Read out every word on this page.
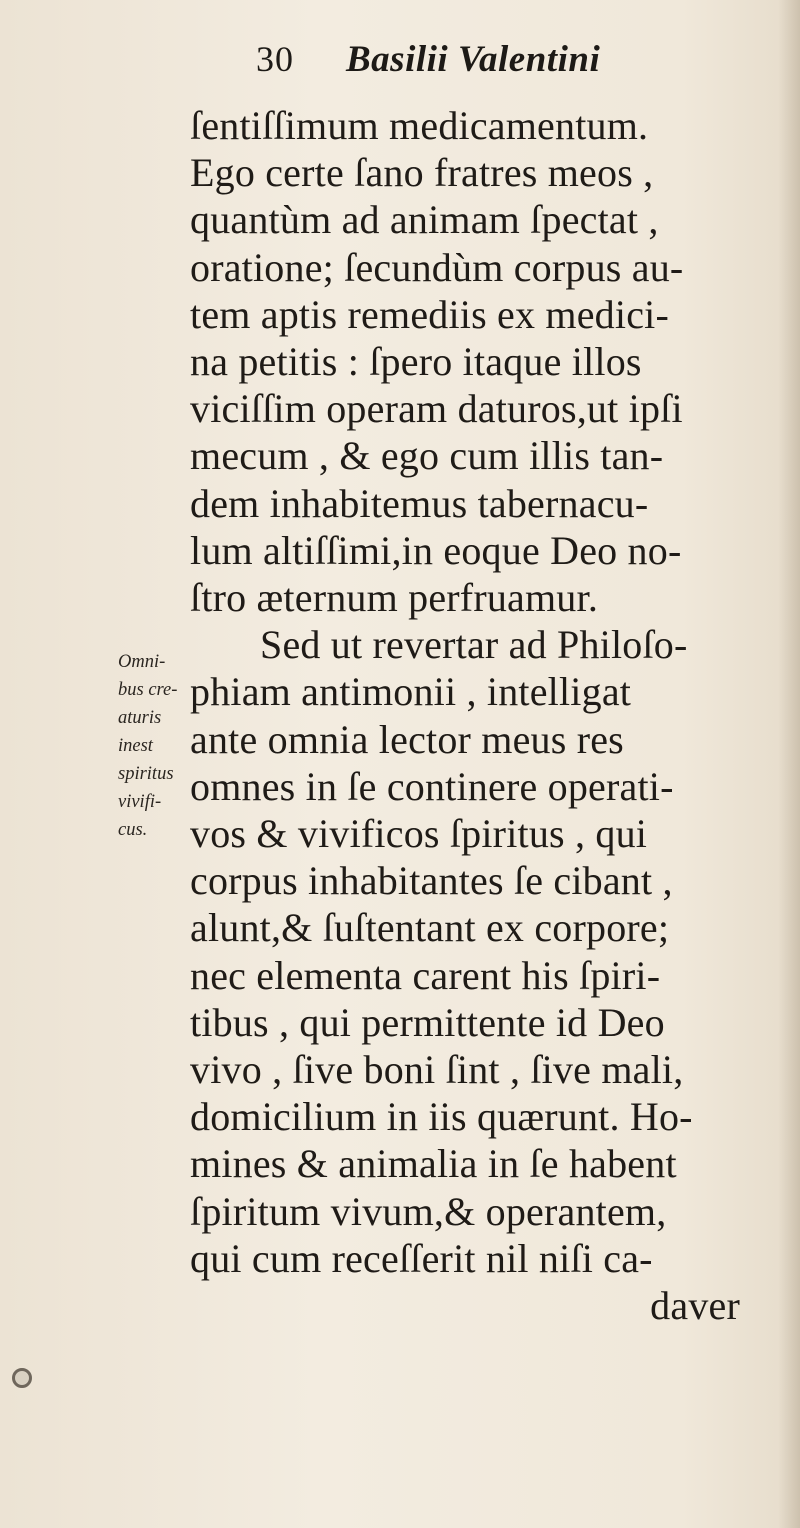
30 Basilii Valentini
Omni-
bus cre-
aturis
inest
spiritus
vivifi-
cus.
ſentiſſimum medicamentum.
Ego certe ſano fratres meos ,
quantùm ad animam ſpectat ,
oratione; ſecundùm corpus au-
tem aptis remediis ex medici-
na petitis : ſpero itaque illos
viciſſim operam daturos,ut ipſi
mecum , & ego cum illis tan-
dem inhabitemus tabernacu-
lum altiſſimi,in eoque Deo no-
ſtro æternum perfruamur.
Sed ut revertar ad Philoſo-
phiam antimonii , intelligat
ante omnia lector meus res
omnes in ſe continere operati-
vos & vivificos ſpiritus , qui
corpus inhabitantes ſe cibant ,
alunt,& ſuſtentant ex corpore;
nec elementa carent his ſpiri-
tibus , qui permittente id Deo
vivo , ſive boni ſint , ſive mali,
domicilium in iis quærunt. Ho-
mines & animalia in ſe habent
ſpiritum vivum,& operantem,
qui cum receſſerit nil niſi ca-
daver
